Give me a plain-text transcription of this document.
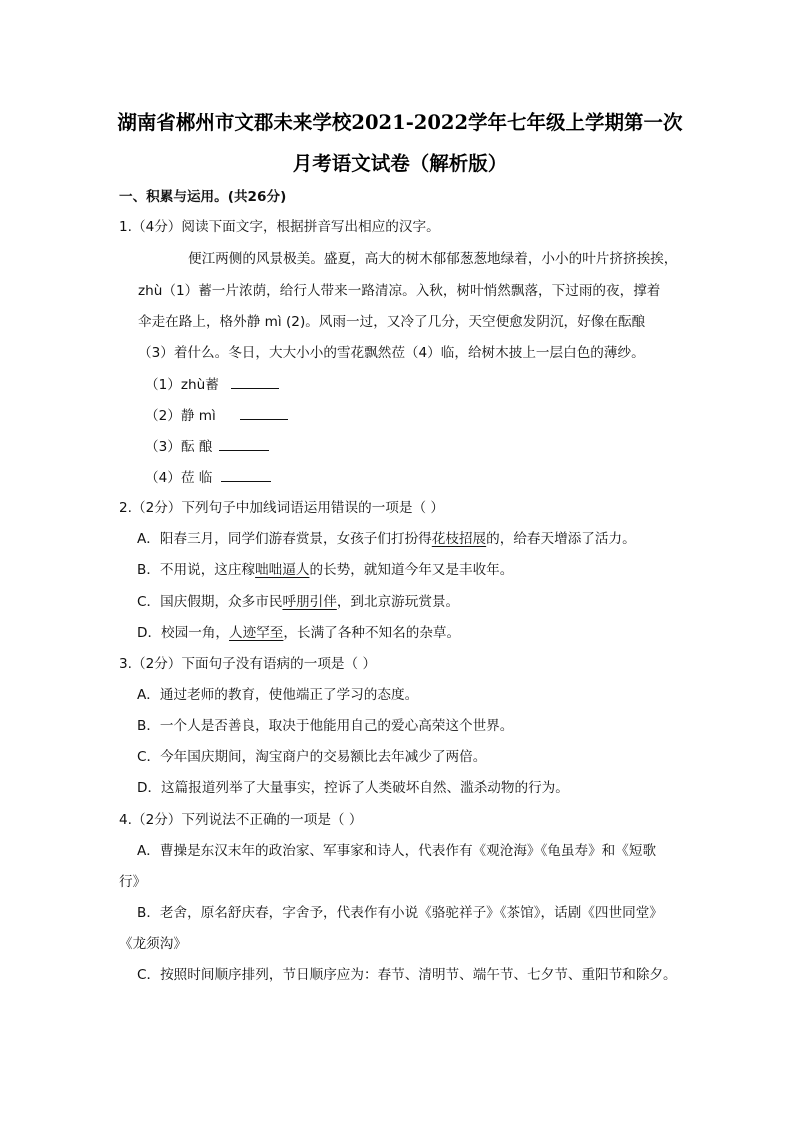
湖南省郴州市文郡未来学校2021-2022学年七年级上学期第一次
月考语文试卷（解析版）
一、积累与运用。(共26分)
1.（4分）阅读下面文字，根据拼音写出相应的汉字。
便江两侧的风景极美。盛夏，高大的树木郁郁葱葱地绿着，小小的叶片挤挤挨挨，
zhù（1）蓄一片浓荫，给行人带来一路清凉。入秋，树叶悄然飘落，下过雨的夜，撑着
伞走在路上，格外静 mì (2)。风雨一过，又冷了几分，天空便愈发阴沉，好像在酝酿
（3）着什么。冬日，大大小小的雪花飘然莅（4）临，给树木披上一层白色的薄纱。
（1）zhù蓄
（2）静 mì
（3）酝 酿
（4）莅 临
2.（2分）下列句子中加线词语运用错误的一项是（ ）
A．阳春三月，同学们游春赏景，女孩子们打扮得花枝招展的，给春天增添了活力。
B．不用说，这庄稼咄咄逼人的长势，就知道今年又是丰收年。
C．国庆假期，众多市民呼朋引伴，到北京游玩赏景。
D．校园一角，人迹罕至，长满了各种不知名的杂草。
3.（2分）下面句子没有语病的一项是（ ）
A．通过老师的教育，使他端正了学习的态度。
B．一个人是否善良，取决于他能用自己的爱心高荣这个世界。
C．今年国庆期间，淘宝商户的交易额比去年减少了两倍。
D．这篇报道列举了大量事实，控诉了人类破坏自然、滥杀动物的行为。
4.（2分）下列说法不正确的一项是（ ）
A．曹操是东汉末年的政治家、军事家和诗人，代表作有《观沧海》《龟虽寿》和《短歌
行》
B．老舍，原名舒庆春，字舍予，代表作有小说《骆驼祥子》《茶馆》，话剧《四世同堂》
《龙须沟》
C．按照时间顺序排列，节日顺序应为：春节、清明节、端午节、七夕节、重阳节和除夕。
